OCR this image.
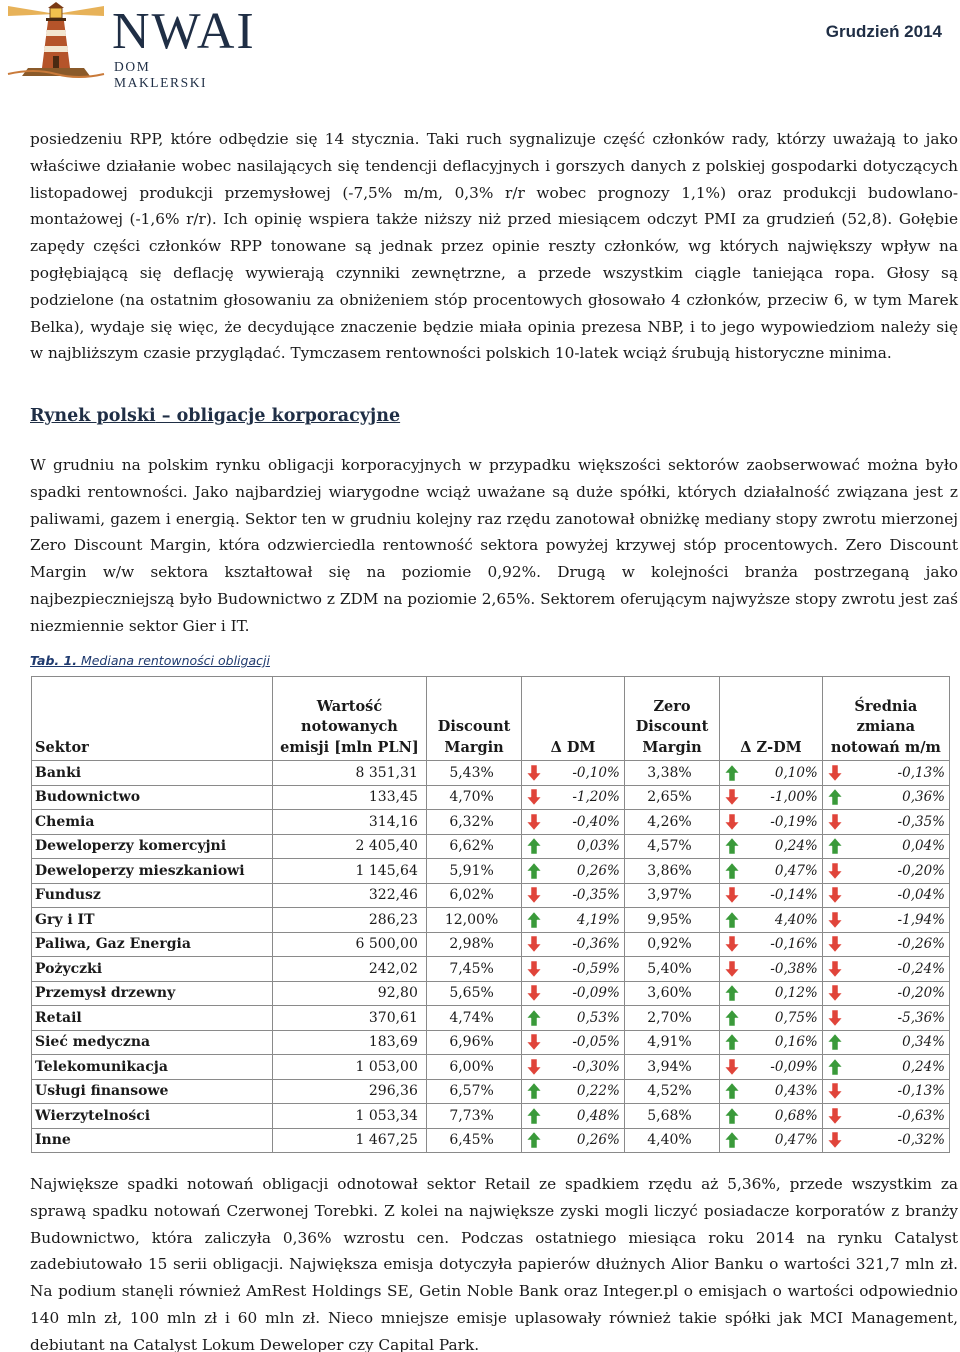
NWAI
DOM MAKLERSKI
Grudzień 2014

posiedzeniu RPP, które odbędzie się 14 stycznia. Taki ruch sygnalizuje część członków rady, którzy uważają to jako właściwe działanie wobec nasilających się tendencji deflacyjnych i gorszych danych z polskiej gospodarki dotyczących listopadowej produkcji przemysłowej (-7,5% m/m, 0,3% r/r wobec prognozy 1,1%) oraz produkcji budowlano-montażowej (-1,6% r/r). Ich opinię wspiera także niższy niż przed miesiącem odczyt PMI za grudzień (52,8). Gołębie zapędy części członków RPP tonowane są jednak przez opinie reszty członków, wg których największy wpływ na pogłębiającą się deflację wywierają czynniki zewnętrzne, a przede wszystkim ciągle taniejąca ropa. Głosy są podzielone (na ostatnim głosowaniu za obniżeniem stóp procentowych głosowało 4 członków, przeciw 6, w tym Marek Belka), wydaje się więc, że decydujące znaczenie będzie miała opinia prezesa NBP, i to jego wypowiedziom należy się w najbliższym czasie przyglądać. Tymczasem rentowności polskich 10-latek wciąż śrubują historyczne minima.

Rynek polski – obligacje korporacyjne

W grudniu na polskim rynku obligacji korporacyjnych w przypadku większości sektorów zaobserwować można było spadki rentowności. Jako najbardziej wiarygodne wciąż uważane są duże spółki, których działalność związana jest z paliwami, gazem i energią. Sektor ten w grudniu kolejny raz rzędu zanotował obniżkę mediany stopy zwrotu mierzonej Zero Discount Margin, która odzwierciedla rentowność sektora powyżej krzywej stóp procentowych. Zero Discount Margin w/w sektora kształtował się na poziomie 0,92%. Drugą w kolejności branża postrzeganą jako najbezpieczniejszą było Budownictwo z ZDM na poziomie 2,65%. Sektorem oferującym najwyższe stopy zwrotu jest zaś niezmiennie sektor Gier i IT.

Tab. 1. Mediana rentowności obligacji
Sektor	Wartość
notowanych
emisji [mln PLN]	Discount
Margin	Δ DM	Zero
Discount
Margin	Δ Z-DM	Średnia
zmiana
notowań m/m
Banki	8 351,31	5,43%	-0,10%	3,38%	0,10%	-0,13%

Budownictwo	133,45	4,70%	-1,20%	2,65%	-1,00%	0,36%

Chemia	314,16	6,32%	-0,40%	4,26%	-0,19%	-0,35%

Deweloperzy komercyjni	2 405,40	6,62%	0,03%	4,57%	0,24%	0,04%

Deweloperzy mieszkaniowi	1 145,64	5,91%	0,26%	3,86%	0,47%	-0,20%

Fundusz	322,46	6,02%	-0,35%	3,97%	-0,14%	-0,04%

Gry i IT	286,23	12,00%	4,19%	9,95%	4,40%	-1,94%

Paliwa, Gaz Energia	6 500,00	2,98%	-0,36%	0,92%	-0,16%	-0,26%

Pożyczki	242,02	7,45%	-0,59%	5,40%	-0,38%	-0,24%

Przemysł drzewny	92,80	5,65%	-0,09%	3,60%	0,12%	-0,20%

Retail	370,61	4,74%	0,53%	2,70%	0,75%	-5,36%

Sieć medyczna	183,69	6,96%	-0,05%	4,91%	0,16%	0,34%

Telekomunikacja	1 053,00	6,00%	-0,30%	3,94%	-0,09%	0,24%

Usługi finansowe	296,36	6,57%	0,22%	4,52%	0,43%	-0,13%

Wierzytelności	1 053,34	7,73%	0,48%	5,68%	0,68%	-0,63%

Inne	1 467,25	6,45%	0,26%	4,40%	0,47%	-0,32%

Największe spadki notowań obligacji odnotował sektor Retail ze spadkiem rzędu aż 5,36%, przede wszystkim za sprawą spadku notowań Czerwonej Torebki. Z kolei na największe zyski mogli liczyć posiadacze korporatów z branży Budownictwo, która zaliczyła 0,36% wzrostu cen. Podczas ostatniego miesiąca roku 2014 na rynku Catalyst zadebiutowało 15 serii obligacji. Największa emisja dotyczyła papierów dłużnych Alior Banku o wartości 321,7 mln zł. Na podium stanęli również AmRest Holdings SE, Getin Noble Bank oraz Integer.pl o emisjach o wartości odpowiednio 140 mln zł, 100 mln zł i 60 mln zł. Nieco mniejsze emisje uplasowały również takie spółki jak MCI Management, debiutant na Catalyst Lokum Deweloper czy Capital Park.
